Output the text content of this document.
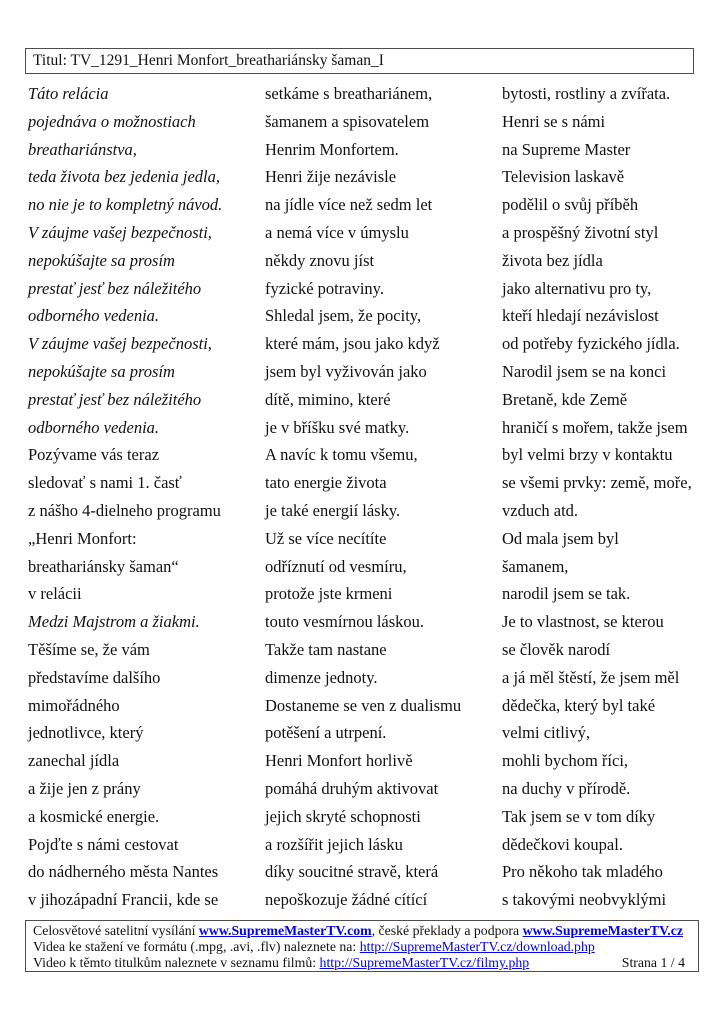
Titul: TV_1291_Henri Monfort_breathariánsky šaman_I
Táto relácia
pojednáva o možnostiach
breathariánstva,
teda života bez jedenia jedla,
no nie je to kompletný návod.
V záujme vašej bezpečnosti,
nepokúšajte sa prosím
prestať jesť bez náležitého
odborného vedenia.
V záujme vašej bezpečnosti,
nepokúšajte sa prosím
prestať jesť bez náležitého
odborného vedenia.
Pozývame vás teraz
sledovať s nami 1. časť
z nášho 4-dielneho programu
„Henri Monfort:
breathariánsky šaman“
v relácii
Medzi Majstrom a žiakmi.
Těšíme se, že vám
představíme dalšího
mimořádného
jednotlivce, který
zanechal jídla
a žije jen z prány
a kosmické energie.
Pojďte s námi cestovat
do nádherného města Nantes
v jihozápadní Francii, kde se
setkáme s breathariánem,
šamanem a spisovatelem
Henrim Monfortem.
Henri žije nezávisle
na jídle více než sedm let
a nemá více v úmyslu
někdy znovu jíst
fyzické potraviny.
Shledal jsem, že pocity,
které mám, jsou jako když
jsem byl vyživován jako
dítě, mimino, které
je v bříšku své matky.
A navíc k tomu všemu,
tato energie života
je také energií lásky.
Už se více necítíte
odříznutí od vesmíru,
protože jste krmeni
touto vesmírnou láskou.
Takže tam nastane
dimenze jednoty.
Dostaneme se ven z dualismu
potěšení a utrpení.
Henri Monfort horlivě
pomáhá druhým aktivovat
jejich skryté schopnosti
a rozšířit jejich lásku
díky soucitné stravě, která
nepoškozuje žádné cítící
bytosti, rostliny a zvířata.
Henri se s námi
na Supreme Master
Television laskavě
podělil o svůj příběh
a prospěšný životní styl
života bez jídla
jako alternativu pro ty,
kteří hledají nezávislost
od potřeby fyzického jídla.
Narodil jsem se na konci
Bretaně, kde Země
hraničí s mořem, takže jsem
byl velmi brzy v kontaktu
se všemi prvky: země, moře,
vzduch atd.
Od mala jsem byl
šamanem,
narodil jsem se tak.
Je to vlastnost, se kterou
se člověk narodí
a já měl štěstí, že jsem měl
dědečka, který byl také
velmi citlivý,
mohli bychom říci,
na duchy v přírodě.
Tak jsem se v tom díky
dědečkovi koupal.
Pro někoho tak mladého
s takovými neobvyklými
Celosvětové satelitní vysílání www.SupremeMasterTV.com , české překlady a podpora www.SupremeMasterTV.cz
Videa ke stažení ve formátu (.mpg, .avi, .flv) naleznete na: http://SupremeMasterTV.cz/download.php
Video k těmto titulkům naleznete v seznamu filmů: http://SupremeMasterTV.cz/filmy.php	Strana 1 / 4
